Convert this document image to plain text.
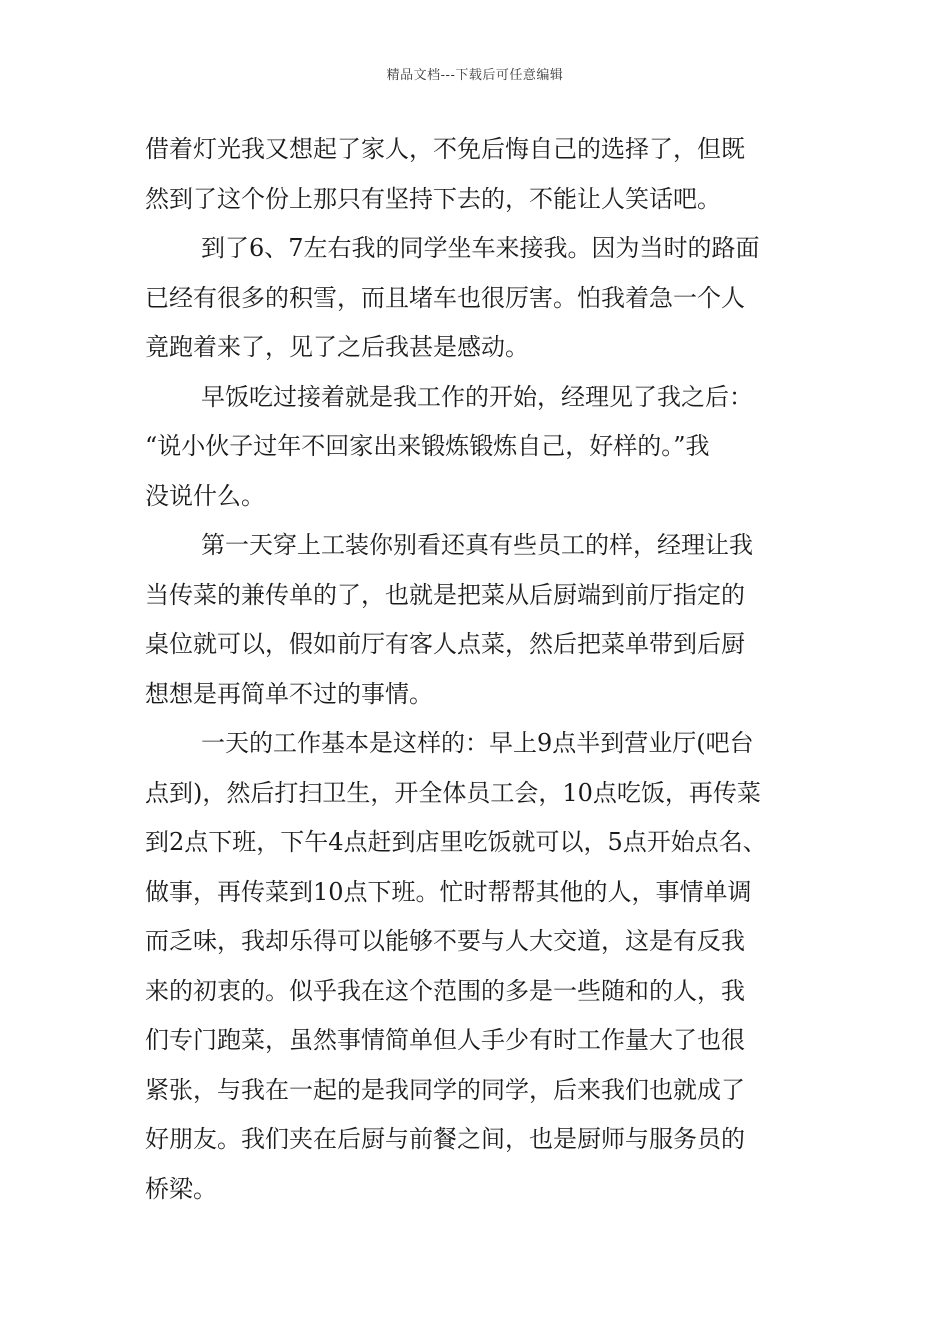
精品文档---下载后可任意编辑
借着灯光我又想起了家人，不免后悔自己的选择了，但既
然到了这个份上那只有坚持下去的，不能让人笑话吧。
到了6、7左右我的同学坐车来接我。因为当时的路面
已经有很多的积雪，而且堵车也很厉害。怕我着急一个人
竟跑着来了，见了之后我甚是感动。
早饭吃过接着就是我工作的开始，经理见了我之后：
“说小伙子过年不回家出来锻炼锻炼自己，好样的。”我
没说什么。
第一天穿上工装你别看还真有些员工的样，经理让我
当传菜的兼传单的了，也就是把菜从后厨端到前厅指定的
桌位就可以，假如前厅有客人点菜，然后把菜单带到后厨
想想是再简单不过的事情。
一天的工作基本是这样的：早上9点半到营业厅(吧台
点到)，然后打扫卫生，开全体员工会，10点吃饭，再传菜
到2点下班，下午4点赶到店里吃饭就可以，5点开始点名、
做事，再传菜到10点下班。忙时帮帮其他的人，事情单调
而乏味，我却乐得可以能够不要与人大交道，这是有反我
来的初衷的。似乎我在这个范围的多是一些随和的人，我
们专门跑菜，虽然事情简单但人手少有时工作量大了也很
紧张，与我在一起的是我同学的同学，后来我们也就成了
好朋友。我们夹在后厨与前餐之间，也是厨师与服务员的
桥梁。
